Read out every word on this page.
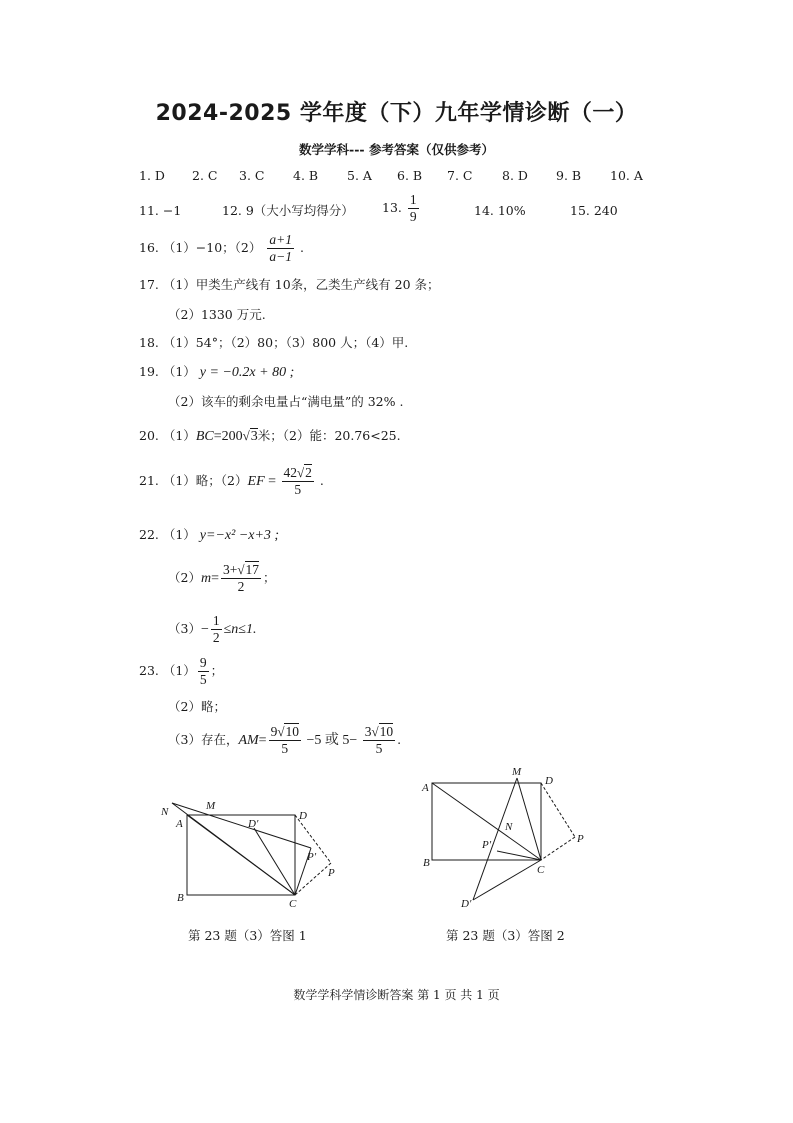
2024-2025 学年度（下）九年学情诊断（一）
数学学科--- 参考答案（仅供参考）
1. D 2. C 3. C 4. B 5. A 6. B 7. C 8. D 9. B 10. A
11. −1	12. 9（大小写均得分） 13. $\frac{1}{9}$	14. 10%	15. 240
16. （1）−10；$(2) \frac{a+1}{a-1}$ .
17. （1）甲类生产线有 10条，乙类生产线有 20 条；
（2）1330 万元.
18. （1）54°；（2）80；（3）800 人；（4）甲.
19. （1） y = −0.2x + 80 ;
（2）该车的剩余电量占“满电量”的 32% .
20. （1）BC=200√3米；（2）能：20.76<25.
21. （1）略；$(2)EF = \frac{42√2}{5}$ .
22. （1） y=−x² −x+3 ;
$(2)m= \frac{3+√17}{2}$ ；
$(3)- \frac{1}{2} \le n\le 1$.
23. $(1) \frac{9}{5}$ ；
（2）略；
（3）存在，$AM= \frac{9√10}{5} -5$ 或 $5- \frac{3√10}{5}$ .
N	M
A	D′
D
P′
P
B	C
第 23 题（3）答图 1
M
D
A
N
P′	P
B
C
D′
第 23 题（3）答图 2
数学学科学情诊断答案 第 1 页 共 1 页
